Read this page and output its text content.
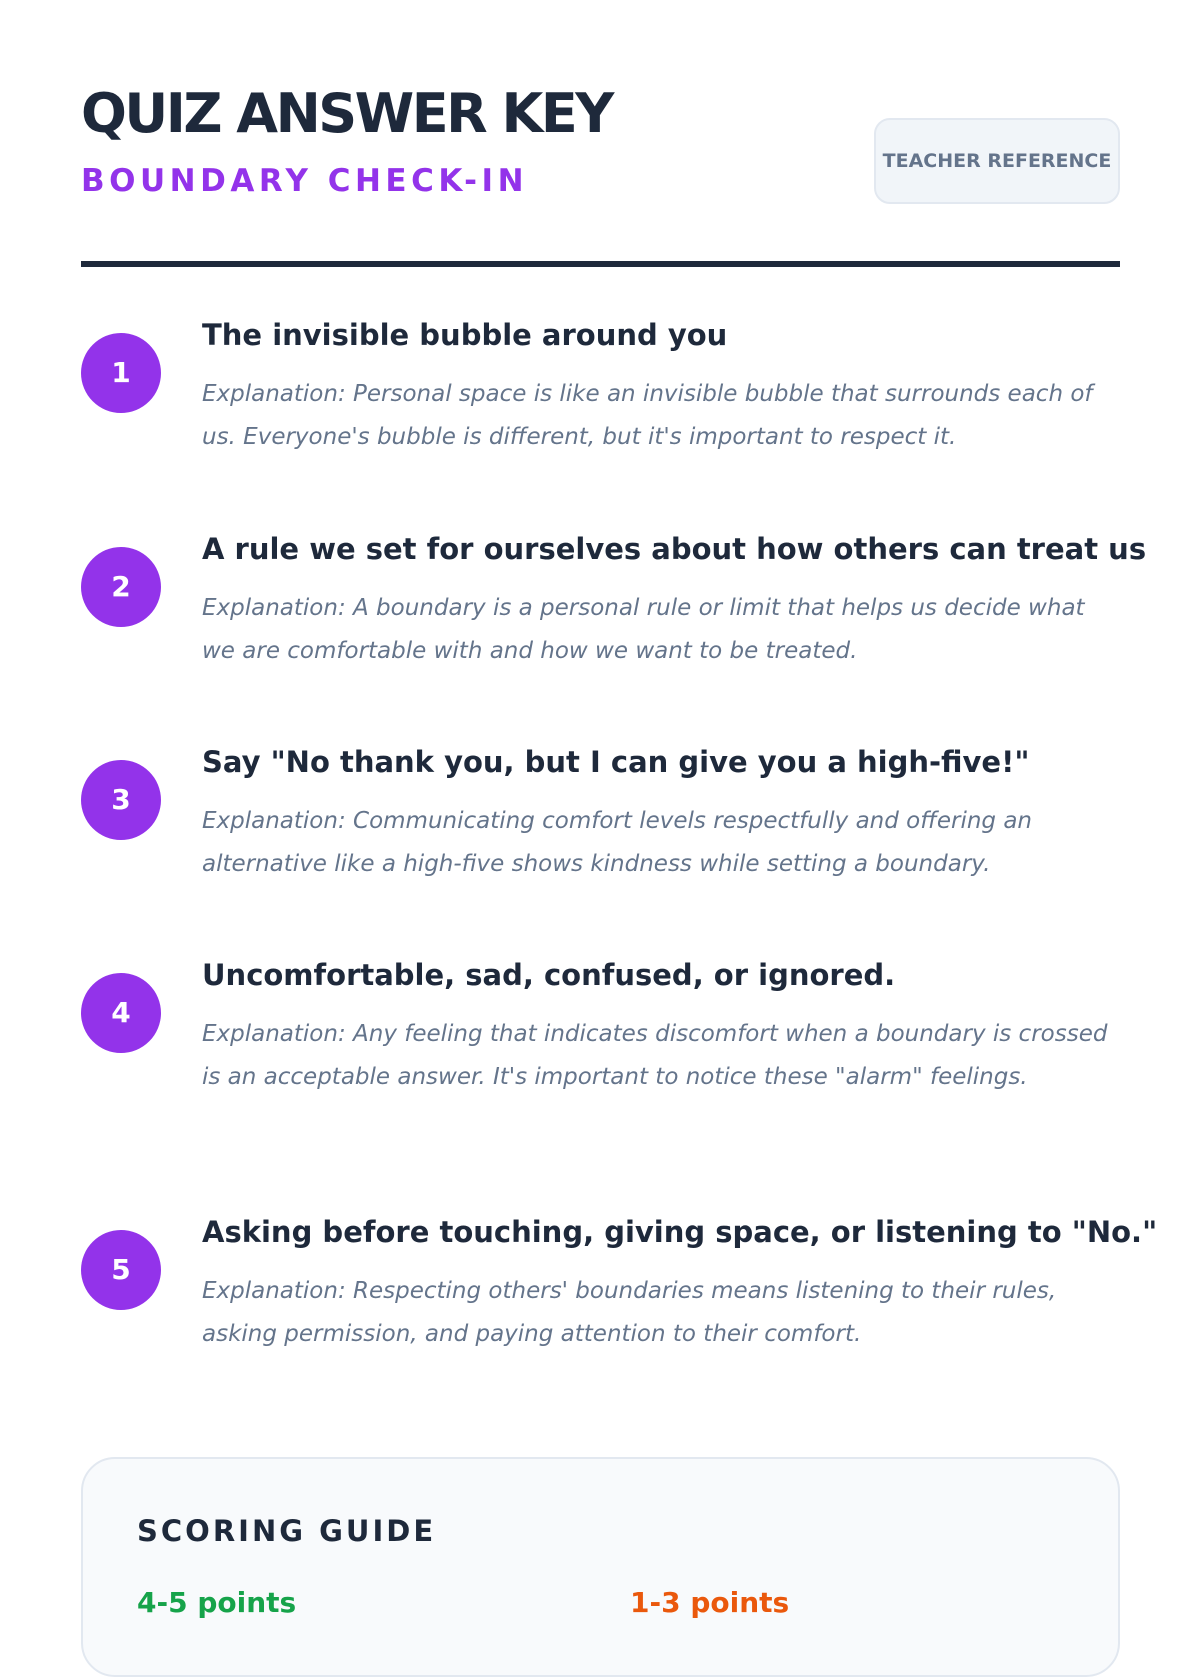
QUIZ ANSWER KEY
BOUNDARY CHECK-IN
TEACHER REFERENCE
1
The invisible bubble around you

Explanation: Personal space is like an invisible bubble that surrounds each of us. Everyone's bubble is different, but it's important to respect it.

2
A rule we set for ourselves about how others can treat us

Explanation: A boundary is a personal rule or limit that helps us decide what we are comfortable with and how we want to be treated.

3
Say "No thank you, but I can give you a high-five!"

Explanation: Communicating comfort levels respectfully and offering an alternative like a high-five shows kindness while setting a boundary.

4
Uncomfortable, sad, confused, or ignored.

Explanation: Any feeling that indicates discomfort when a boundary is crossed is an acceptable answer. It's important to notice these "alarm" feelings.

5
Asking before touching, giving space, or listening to "No."

Explanation: Respecting others' boundaries means listening to their rules, asking permission, and paying attention to their comfort.

SCORING GUIDE
4-5 points	1-3 points
